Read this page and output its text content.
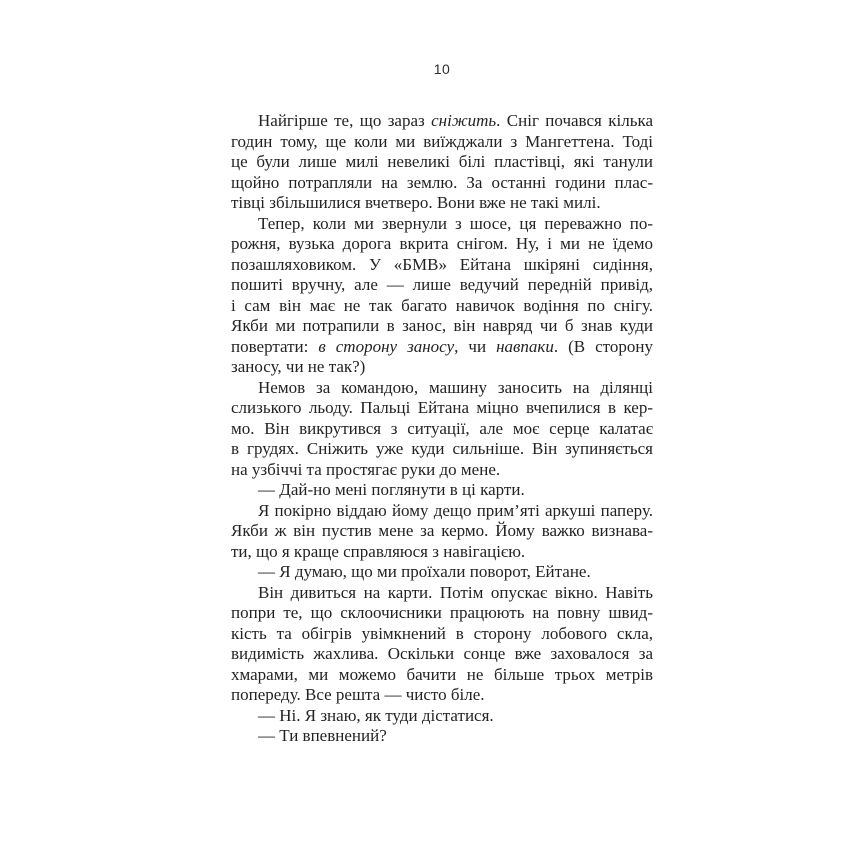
10
Найгірше те, що зараз сніжить. Сніг почався кілька
годин тому, ще коли ми виїжджали з Мангеттена. Тоді
це були лише милі невеликі білі пластівці, які танули
щойно потрапляли на землю. За останні години плас-
тівці збільшилися вчетверо. Вони вже не такі милі.
Тепер, коли ми звернули з шосе, ця переважно по-
рожня, вузька дорога вкрита снігом. Ну, і ми не їдемо
позашляховиком. У «БМВ» Ейтана шкіряні сидіння,
пошиті вручну, але — лише ведучий передній привід,
і сам він має не так багато навичок водіння по снігу.
Якби ми потрапили в занос, він навряд чи б знав куди
повертати: в сторону заносу, чи навпаки. (В сторону
заносу, чи не так?)
Немов за командою, машину заносить на ділянці
слизького льоду. Пальці Ейтана міцно вчепилися в кер-
мо. Він викрутився з ситуації, але моє серце калатає
в грудях. Сніжить уже куди сильніше. Він зупиняється
на узбіччі та простягає руки до мене.
— Дай-но мені поглянути в ці карти.
Я покірно віддаю йому дещо прим’яті аркуші паперу.
Якби ж він пустив мене за кермо. Йому важко визнава-
ти, що я краще справляюся з навігацією.
— Я думаю, що ми проїхали поворот, Ейтане.
Він дивиться на карти. Потім опускає вікно. Навіть
попри те, що склоочисники працюють на повну швид-
кість та обігрів увімкнений в сторону лобового скла,
видимість жахлива. Оскільки сонце вже заховалося за
хмарами, ми можемо бачити не більше трьох метрів
попереду. Все решта — чисто біле.
— Ні. Я знаю, як туди дістатися.
— Ти впевнений?
